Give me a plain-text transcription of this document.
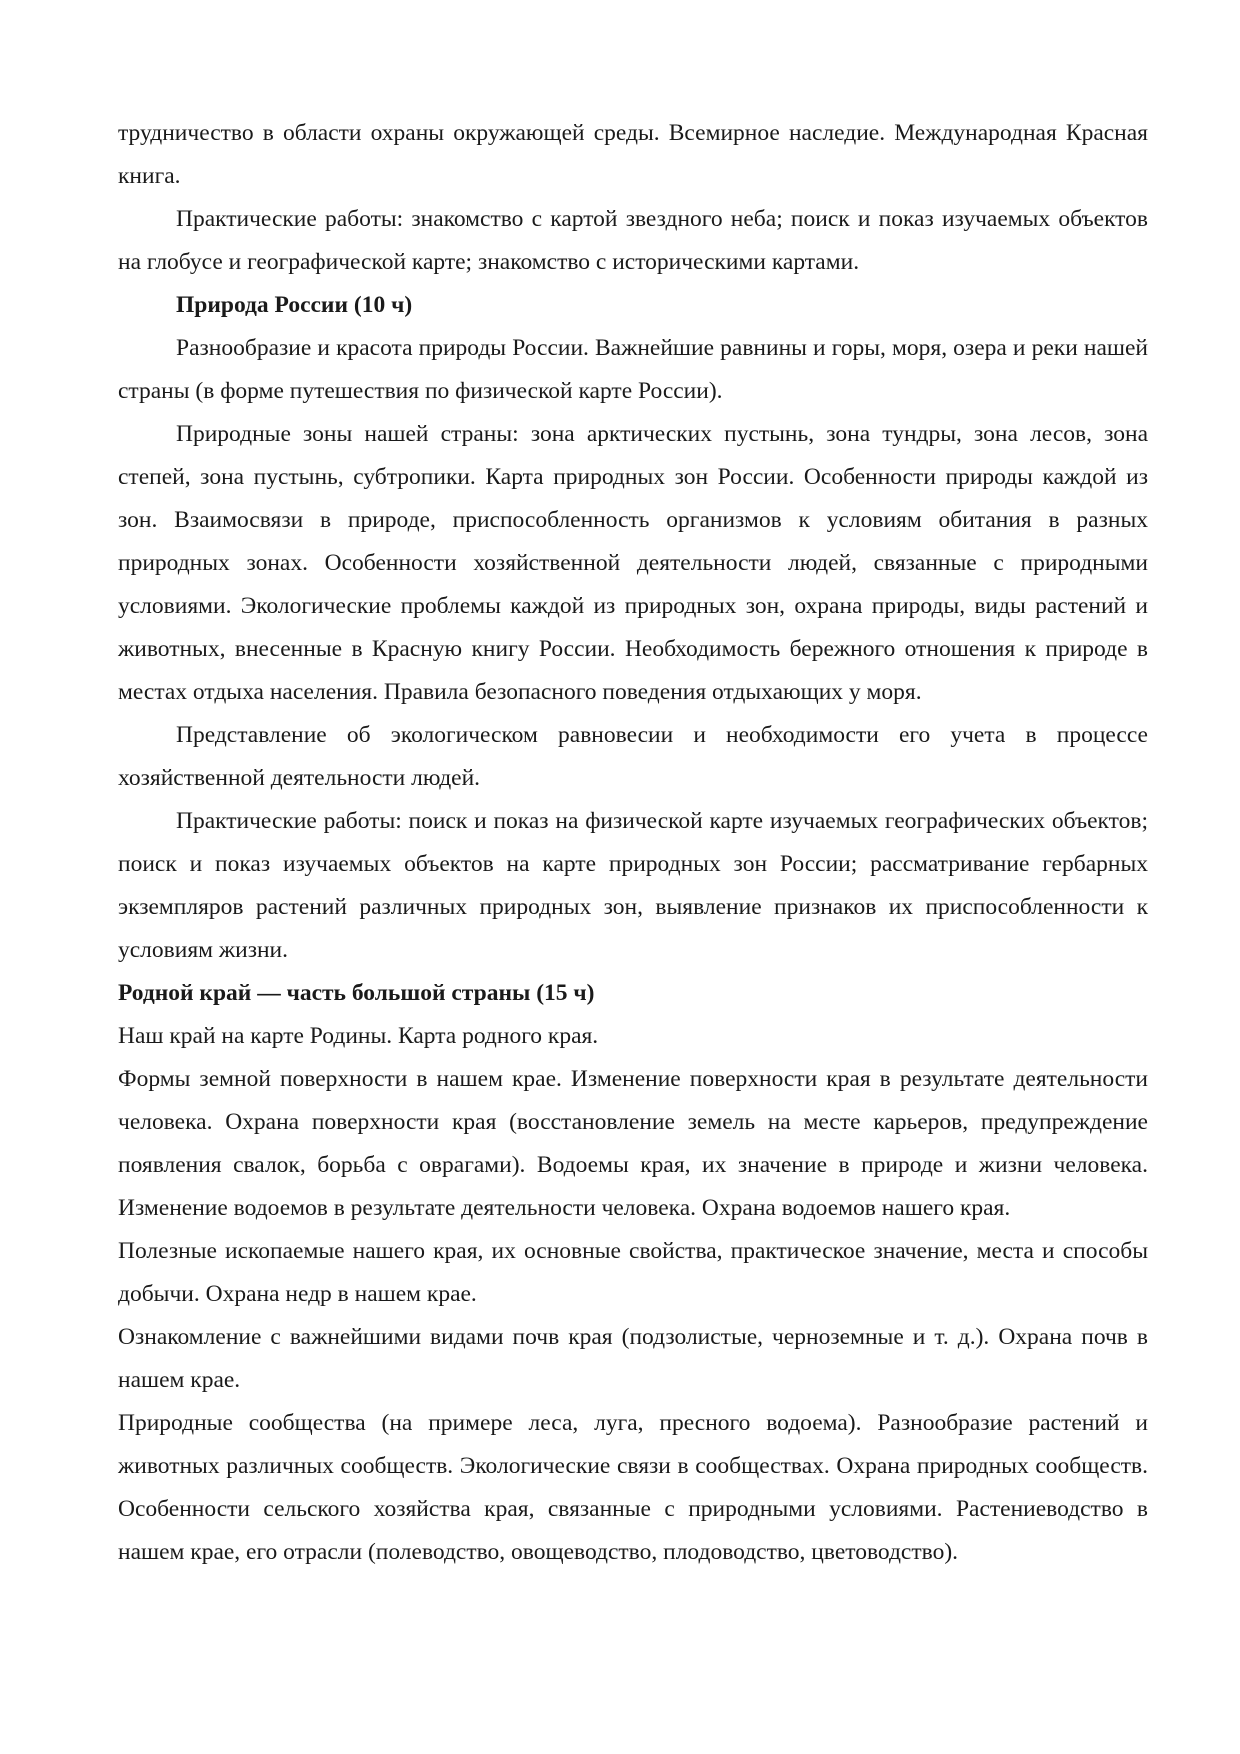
трудничество в области охраны окружающей среды. Всемирное наследие. Международная Красная книга.

Практические работы: знакомство с картой звездного неба; поиск и показ изучаемых объектов на глобусе и географической карте; знакомство с историческими картами.

Природа России (10 ч)

Разнообразие и красота природы России. Важнейшие равнины и горы, моря, озера и реки нашей страны (в форме путешествия по физической карте России).

Природные зоны нашей страны: зона арктических пустынь, зона тундры, зона лесов, зона степей, зона пустынь, субтропики. Карта природных зон России. Особенности природы каждой из зон. Взаимосвязи в природе, приспособленность организмов к условиям обитания в разных природных зонах. Особенности хозяйственной деятельности людей, связанные с природными условиями. Экологические проблемы каждой из природных зон, охрана природы, виды растений и животных, внесенные в Красную книгу России. Необходимость бережного отношения к природе в местах отдыха населения. Правила безопасного поведения отдыхающих у моря.

Представление об экологическом равновесии и необходимости его учета в процессе хозяйственной деятельности людей.

Практические работы: поиск и показ на физической карте изучаемых географических объектов; поиск и показ изучаемых объектов на карте природных зон России; рассматривание гербарных экземпляров растений различных природных зон, выявление признаков их приспособленности к условиям жизни.

Родной край — часть большой страны (15 ч)

Наш край на карте Родины. Карта родного края.

Формы земной поверхности в нашем крае. Изменение поверхности края в результате деятельности человека. Охрана поверхности края (восстановление земель на месте карьеров, предупреждение появления свалок, борьба с оврагами). Водоемы края, их значение в природе и жизни человека. Изменение водоемов в результате деятельности человека. Охрана водоемов нашего края.

Полезные ископаемые нашего края, их основные свойства, практическое значение, места и способы добычи. Охрана недр в нашем крае.

Ознакомление с важнейшими видами почв края (подзолистые, черноземные и т. д.). Охрана почв в нашем крае.

Природные сообщества (на примере леса, луга, пресного водоема). Разнообразие растений и животных различных сообществ. Экологические связи в сообществах. Охрана природных сообществ. Особенности сельского хозяйства края, связанные с природными условиями. Растениеводство в нашем крае, его отрасли (полеводство, овощеводство, плодоводство, цветоводство).
